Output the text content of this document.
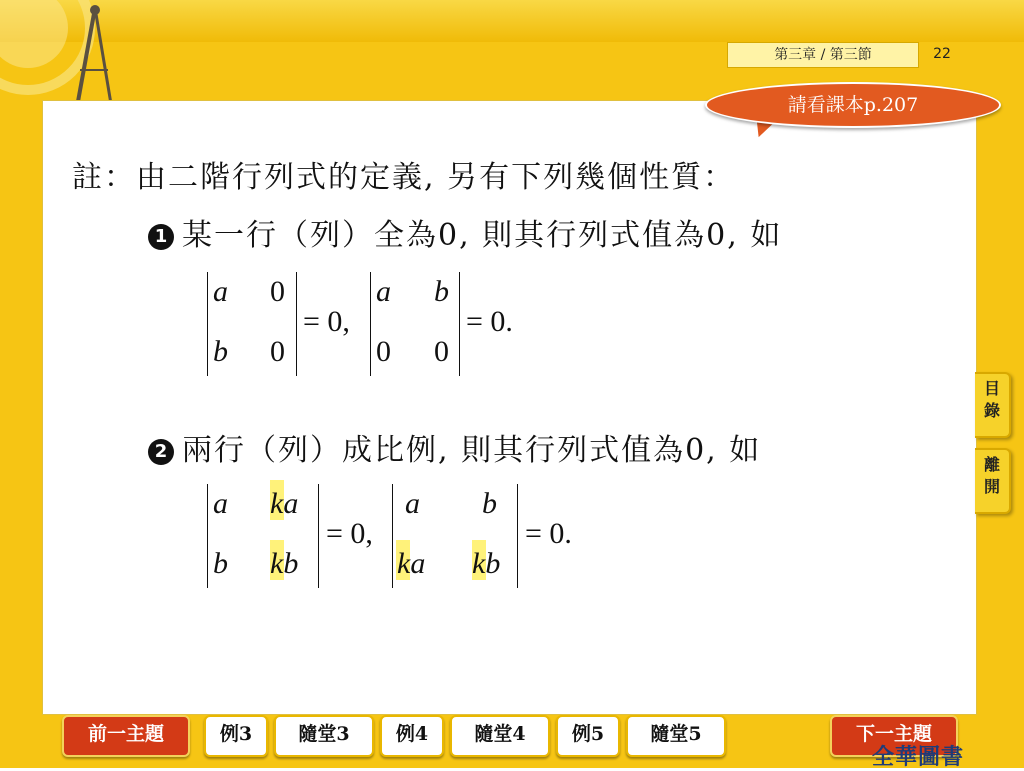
第三章 / 第三節	22
請看課本p.207
目
錄
離
開
註：由二階行列式的定義, 另有下列幾個性質：
1 某一行（列）全為0, 則其行列式值為0, 如
a 0
b 0
= 0,
a b
0 0
= 0.
2 兩行（列）成比例, 則其行列式值為0, 如
a ka
b kb
= 0,
a b
ka kb
= 0.
前一主題	例3	隨堂3	例4	隨堂4	例5	隨堂5	下一主題
全華圖書
